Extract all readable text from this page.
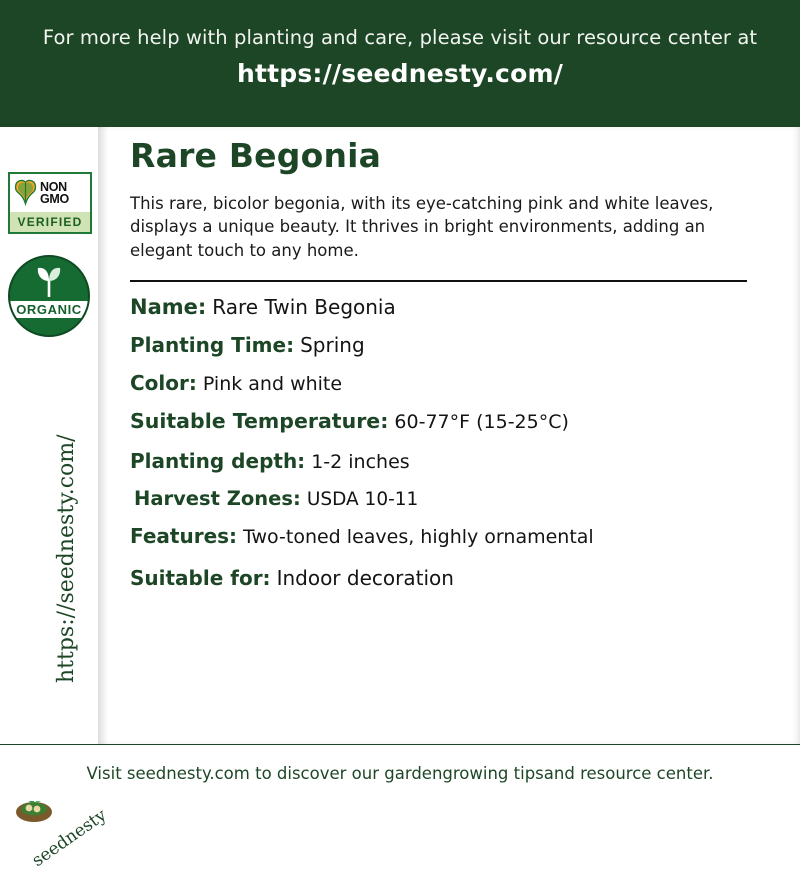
For more help with planting and care, please visit our resource center at
https://seednesty.com/
NON
GMO
VERIFIED
ORGANIC
https://seednesty.com/
seednesty
Rare Begonia
This rare, bicolor begonia, with its eye-catching pink and white leaves, displays a unique beauty. It thrives in bright environments, adding an elegant touch to any home.
Name: Rare Twin Begonia
Planting Time: Spring
Color: Pink and white
Suitable Temperature: 60-77°F (15-25°C)
Planting depth: 1-2 inches
Harvest Zones: USDA 10-11
Features: Two-toned leaves, highly ornamental
Suitable for: Indoor decoration
Visit seednesty.com to discover our gardengrowing tipsand resource center.
